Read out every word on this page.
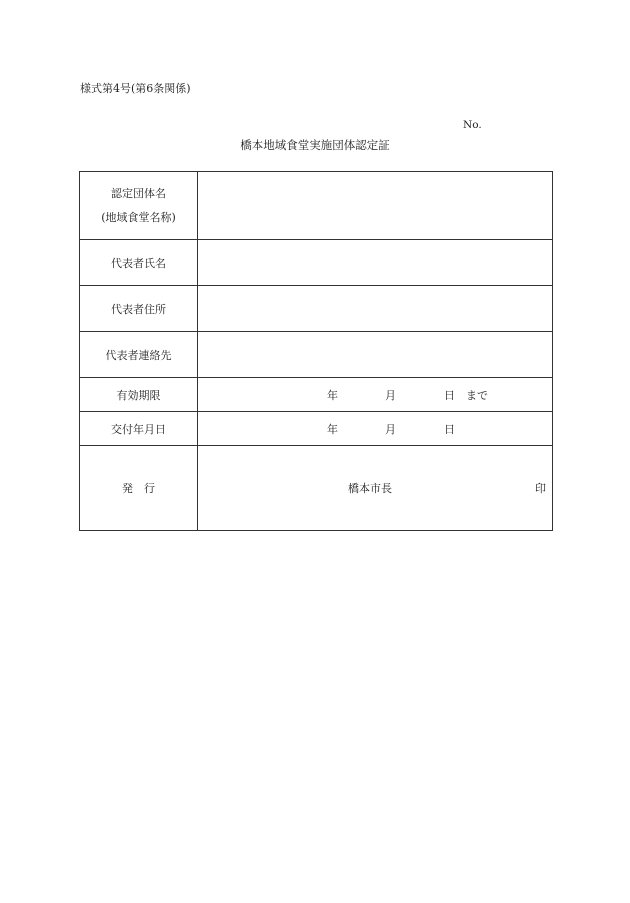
様式第4号(第6条関係)
No.
橋本地域食堂実施団体認定証
認定団体名
(地域食堂名称)	

代表者氏名	
代表者住所	
代表者連絡先	
有効期限	年 月 日 まで

交付年月日	年 月 日

発　行	橋本市長 印
